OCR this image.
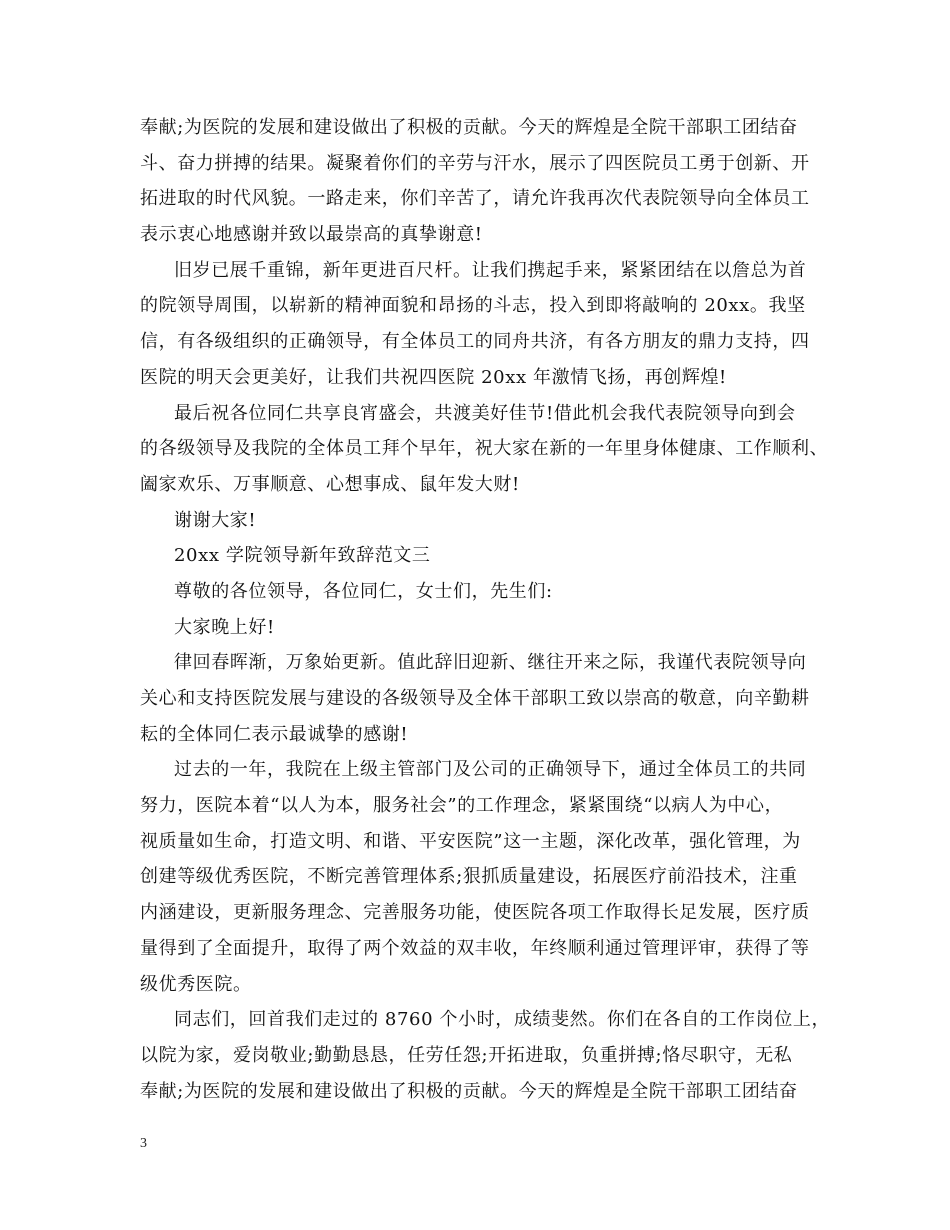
奉献;为医院的发展和建设做出了积极的贡献。今天的辉煌是全院干部职工团结奋
斗、奋力拼搏的结果。凝聚着你们的辛劳与汗水，展示了四医院员工勇于创新、开
拓进取的时代风貌。一路走来，你们辛苦了，请允许我再次代表院领导向全体员工
表示衷心地感谢并致以最崇高的真挚谢意!
旧岁已展千重锦，新年更进百尺杆。让我们携起手来，紧紧团结在以詹总为首
的院领导周围，以崭新的精神面貌和昂扬的斗志，投入到即将敲响的 20xx。我坚
信，有各级组织的正确领导，有全体员工的同舟共济，有各方朋友的鼎力支持，四
医院的明天会更美好，让我们共祝四医院 20xx 年激情飞扬，再创辉煌!
最后祝各位同仁共享良宵盛会，共渡美好佳节!借此机会我代表院领导向到会
的各级领导及我院的全体员工拜个早年，祝大家在新的一年里身体健康、工作顺利、
阖家欢乐、万事顺意、心想事成、鼠年发大财!
谢谢大家!
20xx 学院领导新年致辞范文三
尊敬的各位领导，各位同仁，女士们，先生们:
大家晚上好!
律回春晖渐，万象始更新。值此辞旧迎新、继往开来之际，我谨代表院领导向
关心和支持医院发展与建设的各级领导及全体干部职工致以崇高的敬意，向辛勤耕
耘的全体同仁表示最诚挚的感谢!
过去的一年，我院在上级主管部门及公司的正确领导下，通过全体员工的共同
努力，医院本着“以人为本，服务社会”的工作理念，紧紧围绕“以病人为中心，
视质量如生命，打造文明、和谐、平安医院”这一主题，深化改革，强化管理，为
创建等级优秀医院，不断完善管理体系;狠抓质量建设，拓展医疗前沿技术，注重
内涵建设，更新服务理念、完善服务功能，使医院各项工作取得长足发展，医疗质
量得到了全面提升，取得了两个效益的双丰收，年终顺利通过管理评审，获得了等
级优秀医院。
同志们，回首我们走过的 8760 个小时，成绩斐然。你们在各自的工作岗位上，
以院为家，爱岗敬业;勤勤恳恳，任劳任怨;开拓进取，负重拼搏;恪尽职守，无私
奉献;为医院的发展和建设做出了积极的贡献。今天的辉煌是全院干部职工团结奋
3
